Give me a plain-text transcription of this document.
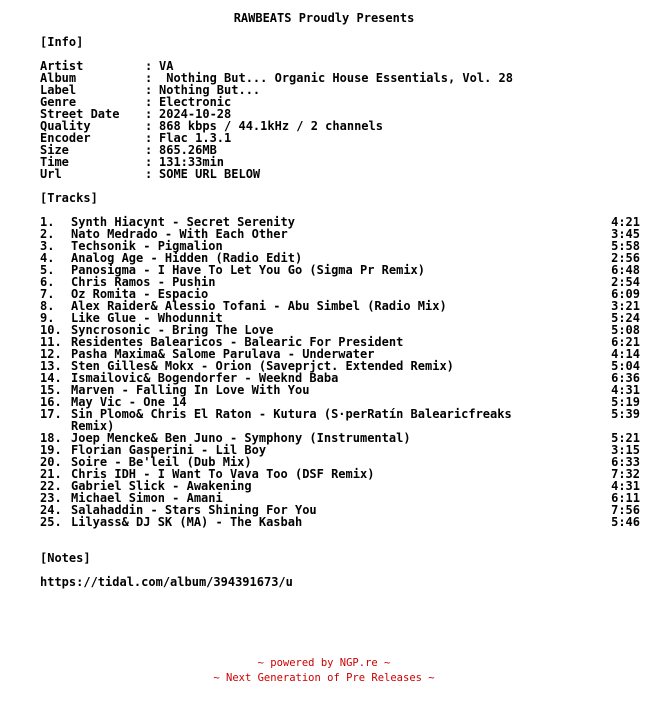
RAWBEATS Proudly Presents
[Info]
Artist	: VA
Album	: Nothing But... Organic House Essentials, Vol. 28
Label	: Nothing But...
Genre	: Electronic
Street Date : 2024-10-28
Quality	: 868 kbps / 44.1kHz / 2 channels
Encoder	: Flac 1.3.1
Size	: 865.26MB
Time	: 131:33min
Url	: SOME URL BELOW
[Tracks]
1. Synth Hiacynt - Secret Serenity	4:21
2. Nato Medrado - With Each Other	3:45
3. Techsonik - Pigmalion	5:58
4. Analog Age - Hidden (Radio Edit)	2:56
5. Panosigma - I Have To Let You Go (Sigma Pr Remix)	6:48
6. Chris Ramos - Pushin	2:54
7. Oz Romita - Espacio	6:09
8. Alex Raider& Alessio Tofani - Abu Simbel (Radio Mix)	3:21
9. Like Glue - Whodunnit	5:24
10. Syncrosonic - Bring The Love	5:08
11. Residentes Balearicos - Balearic For President	6:21
12. Pasha Maxima& Salome Parulava - Underwater	4:14
13. Sten Gilles& Mokx - Orion (Saveprjct. Extended Remix)	5:04
14. Ismailovic& Bogendorfer - Weeknd Baba	6:36
15. Marven - Falling In Love With You	4:31
16. May Vic - One 14	5:19
17. Sin Plomo& Chris El Raton - Kutura (S·perRatín Balearicfreaks	5:39
Remix)
18. Joep Mencke& Ben Juno - Symphony (Instrumental)	5:21
19. Florian Gasperini - Lil Boy	3:15
20. Soire - Be'leil (Dub Mix)	6:33
21. Chris IDH - I Want To Vava Too (DSF Remix)	7:32
22. Gabriel Slick - Awakening	4:31
23. Michael Simon - Amani	6:11
24. Salahaddin - Stars Shining For You	7:56
25. Lilyass& DJ SK (MA) - The Kasbah	5:46
[Notes]
https://tidal.com/album/394391673/u
~ powered by NGP.re ~
~ Next Generation of Pre Releases ~
